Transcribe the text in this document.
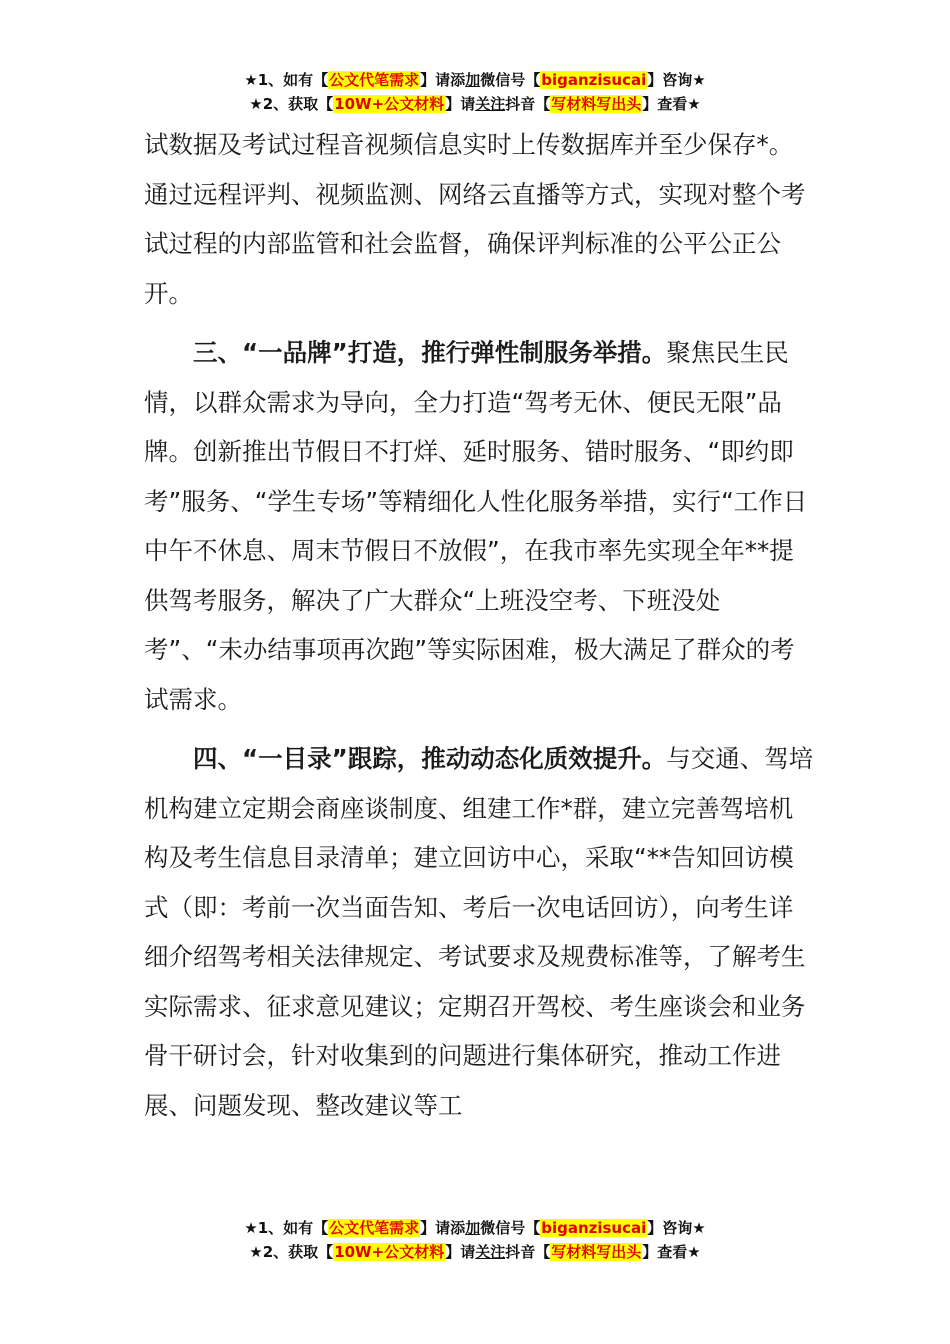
★1、如有【公文代笔需求】请添加微信号【biganzisucai】咨询★
★2、获取【10W+公文材料】请关注抖音【写材料写出头】查看★

试数据及考试过程音视频信息实时上传数据库并至少保存*。通过远程评判、视频监测、网络云直播等方式，实现对整个考试过程的内部监管和社会监督，确保评判标准的公平公正公开。

三、“一品牌”打造，推行弹性制服务举措。聚焦民生民情，以群众需求为导向，全力打造“驾考无休、便民无限”品牌。创新推出节假日不打烊、延时服务、错时服务、“即约即考”服务、“学生专场”等精细化人性化服务举措，实行“工作日中午不休息、周末节假日不放假”，在我市率先实现全年**提供驾考服务，解决了广大群众“上班没空考、下班没处考”、“未办结事项再次跑”等实际困难，极大满足了群众的考试需求。

四、“一目录”跟踪，推动动态化质效提升。与交通、驾培机构建立定期会商座谈制度、组建工作*群，建立完善驾培机构及考生信息目录清单；建立回访中心，采取“**告知回访模式（即：考前一次当面告知、考后一次电话回访），向考生详细介绍驾考相关法律规定、考试要求及规费标准等，了解考生实际需求、征求意见建议；定期召开驾校、考生座谈会和业务骨干研讨会，针对收集到的问题进行集体研究，推动工作进展、问题发现、整改建议等工

★1、如有【公文代笔需求】请添加微信号【biganzisucai】咨询★
★2、获取【10W+公文材料】请关注抖音【写材料写出头】查看★
